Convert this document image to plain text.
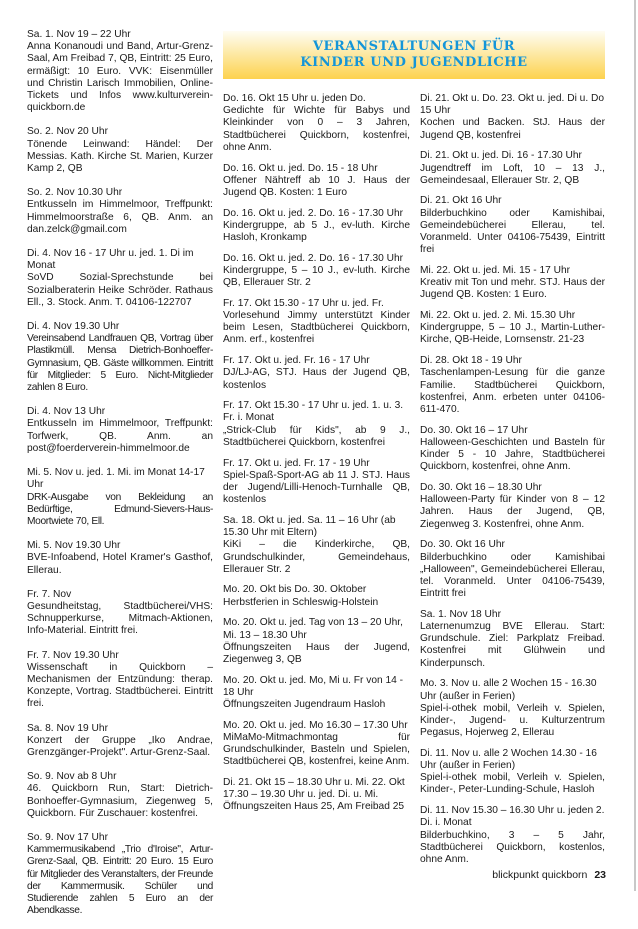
Sa. 1. Nov 19 – 22 Uhr
Anna Konanoudi und Band, Artur-Grenz-Saal, Am Freibad 7, QB, Eintritt: 25 Euro, ermäßigt: 10 Euro. VVK: Eisenmüller und Christin Larisch Immobilien, Online-Tickets und Infos www.kulturverein-quickborn.de

So. 2. Nov 20 Uhr
Tönende Leinwand: Händel: Der Messias. Kath. Kirche St. Marien, Kurzer Kamp 2, QB

So. 2. Nov 10.30 Uhr
Entkusseln im Himmelmoor, Treffpunkt: Himmelmoorstraße 6, QB. Anm. an dan.zelck@gmail.com

Di. 4. Nov 16 - 17 Uhr u. jed. 1. Di im Monat
SoVD Sozial-Sprechstunde bei Sozialberaterin Heike Schröder. Rathaus Ell., 3. Stock. Anm. T. 04106-122707

Di. 4. Nov 19.30 Uhr
Vereinsabend Landfrauen QB, Vortrag über Plastikmüll. Mensa Dietrich-Bonhoeffer-Gymnasium, QB. Gäste willkommen. Eintritt für Mitglieder: 5 Euro. Nicht-Mitglieder zahlen 8 Euro.

Di. 4. Nov 13 Uhr
Entkusseln im Himmelmoor, Treffpunkt: Torfwerk, QB. Anm. an post@foerderverein-himmelmoor.de

Mi. 5. Nov u. jed. 1. Mi. im Monat 14-17 Uhr
DRK-Ausgabe von Bekleidung an Bedürftige, Edmund-Sievers-Haus-Moortwiete 70, Ell.

Mi. 5. Nov 19.30 Uhr
BVE-Infoabend, Hotel Kramer's Gasthof, Ellerau.

Fr. 7. Nov
Gesundheitstag, Stadtbücherei/VHS: Schnupperkurse, Mitmach-Aktionen, Info-Material. Eintritt frei.

Fr. 7. Nov 19.30 Uhr
Wissenschaft in Quickborn – Mechanismen der Entzündung: therap. Konzepte, Vortrag. Stadtbücherei. Eintritt frei.

Sa. 8. Nov 19 Uhr
Konzert der Gruppe „Iko Andrae, Grenzgänger-Projekt". Artur-Grenz-Saal.

So. 9. Nov ab 8 Uhr
46. Quickborn Run, Start: Dietrich-Bonhoeffer-Gymnasium, Ziegenweg 5, Quickborn. Für Zuschauer: kostenfrei.

So. 9. Nov 17 Uhr
Kammermusikabend „Trio d'Iroise", Artur-Grenz-Saal, QB. Eintritt: 20 Euro. 15 Euro für Mitglieder des Veranstalters, der Freunde der Kammermusik. Schüler und Studierende zahlen 5 Euro an der Abendkasse.

VERANSTALTUNGEN FÜR
KINDER UND JUGENDLICHE

Do. 16. Okt 15 Uhr u. jeden Do.
Gedichte für Wichte für Babys und Kleinkinder von 0 – 3 Jahren, Stadtbücherei Quickborn, kostenfrei, ohne Anm.

Do. 16. Okt u. jed. Do. 15 - 18 Uhr
Offener Nähtreff ab 10 J. Haus der Jugend QB. Kosten: 1 Euro

Do. 16. Okt u. jed. 2. Do. 16 - 17.30 Uhr
Kindergruppe, ab 5 J., ev-luth. Kirche Hasloh, Kronkamp

Do. 16. Okt u. jed. 2. Do. 16 - 17.30 Uhr
Kindergruppe, 5 – 10 J., ev-luth. Kirche QB, Ellerauer Str. 2

Fr. 17. Okt 15.30 - 17 Uhr u. jed. Fr.
Vorlesehund Jimmy unterstützt Kinder beim Lesen, Stadtbücherei Quickborn, Anm. erf., kostenfrei

Fr. 17. Okt u. jed. Fr. 16 - 17 Uhr
DJ/LJ-AG, STJ. Haus der Jugend QB, kostenlos

Fr. 17. Okt 15.30 - 17 Uhr u. jed. 1. u. 3. Fr. i. Monat
„Strick-Club für Kids", ab 9 J., Stadtbücherei Quickborn, kostenfrei

Fr. 17. Okt u. jed. Fr. 17 - 19 Uhr
Spiel-Spaß-Sport-AG ab 11 J. STJ. Haus der Jugend/Lilli-Henoch-Turnhalle QB, kostenlos

Sa. 18. Okt u. jed. Sa. 11 – 16 Uhr (ab 15.30 Uhr mit Eltern)
KiKi – die Kinderkirche, QB, Grundschulkinder, Gemeindehaus, Ellerauer Str. 2

Mo. 20. Okt bis Do. 30. Oktober
Herbstferien in Schleswig-Holstein

Mo. 20. Okt u. jed. Tag von 13 – 20 Uhr, Mi. 13 – 18.30 Uhr
Öffnungszeiten Haus der Jugend, Ziegenweg 3, QB

Mo. 20. Okt u. jed. Mo, Mi u. Fr von 14 - 18 Uhr
Öffnungszeiten Jugendraum Hasloh

Mo. 20. Okt u. jed. Mo 16.30 – 17.30 Uhr
MiMaMo-Mitmachmontag für Grundschulkinder, Basteln und Spielen, Stadtbücherei QB, kostenfrei, keine Anm.

Di. 21. Okt 15 – 18.30 Uhr u. Mi. 22. Okt 17.30 – 19.30 Uhr u. jed. Di. u. Mi.
Öffnungszeiten Haus 25, Am Freibad 25

Di. 21. Okt u. Do. 23. Okt u. jed. Di u. Do 15 Uhr
Kochen und Backen. StJ. Haus der Jugend QB, kostenfrei

Di. 21. Okt u. jed. Di. 16 - 17.30 Uhr
Jugendtreff im Loft, 10 – 13 J., Gemeindesaal, Ellerauer Str. 2, QB

Di. 21. Okt 16 Uhr
Bilderbuchkino oder Kamishibai, Gemeindebücherei Ellerau, tel. Voranmeld. Unter 04106-75439, Eintritt frei

Mi. 22. Okt u. jed. Mi. 15 - 17 Uhr
Kreativ mit Ton und mehr. STJ. Haus der Jugend QB. Kosten: 1 Euro.

Mi. 22. Okt u. jed. 2. Mi. 15.30 Uhr
Kindergruppe, 5 – 10 J., Martin-Luther-Kirche, QB-Heide, Lornsenstr. 21-23

Di. 28. Okt 18 - 19 Uhr
Taschenlampen-Lesung für die ganze Familie. Stadtbücherei Quickborn, kostenfrei, Anm. erbeten unter 04106-611-470.

Do. 30. Okt 16 – 17 Uhr
Halloween-Geschichten und Basteln für Kinder 5 - 10 Jahre, Stadtbücherei Quickborn, kostenfrei, ohne Anm.

Do. 30. Okt 16 – 18.30 Uhr
Halloween-Party für Kinder von 8 – 12 Jahren. Haus der Jugend, QB, Ziegenweg 3. Kostenfrei, ohne Anm.

Do. 30. Okt 16 Uhr
Bilderbuchkino oder Kamishibai „Halloween", Gemeindebücherei Ellerau, tel. Voranmeld. Unter 04106-75439, Eintritt frei

Sa. 1. Nov 18 Uhr
Laternenumzug BVE Ellerau. Start: Grundschule. Ziel: Parkplatz Freibad. Kostenfrei mit Glühwein und Kinderpunsch.

Mo. 3. Nov u. alle 2 Wochen 15 - 16.30 Uhr (außer in Ferien)
Spiel-i-othek mobil, Verleih v. Spielen, Kinder-, Jugend- u. Kulturzentrum Pegasus, Hojerweg 2, Ellerau

Di. 11. Nov u. alle 2 Wochen 14.30 - 16 Uhr (außer in Ferien)
Spiel-i-othek mobil, Verleih v. Spielen, Kinder-, Peter-Lunding-Schule, Hasloh

Di. 11. Nov 15.30 – 16.30 Uhr u. jeden 2. Di. i. Monat
Bilderbuchkino, 3 – 5 Jahr, Stadtbücherei Quickborn, kostenlos, ohne Anm.

blickpunkt quickborn 23
